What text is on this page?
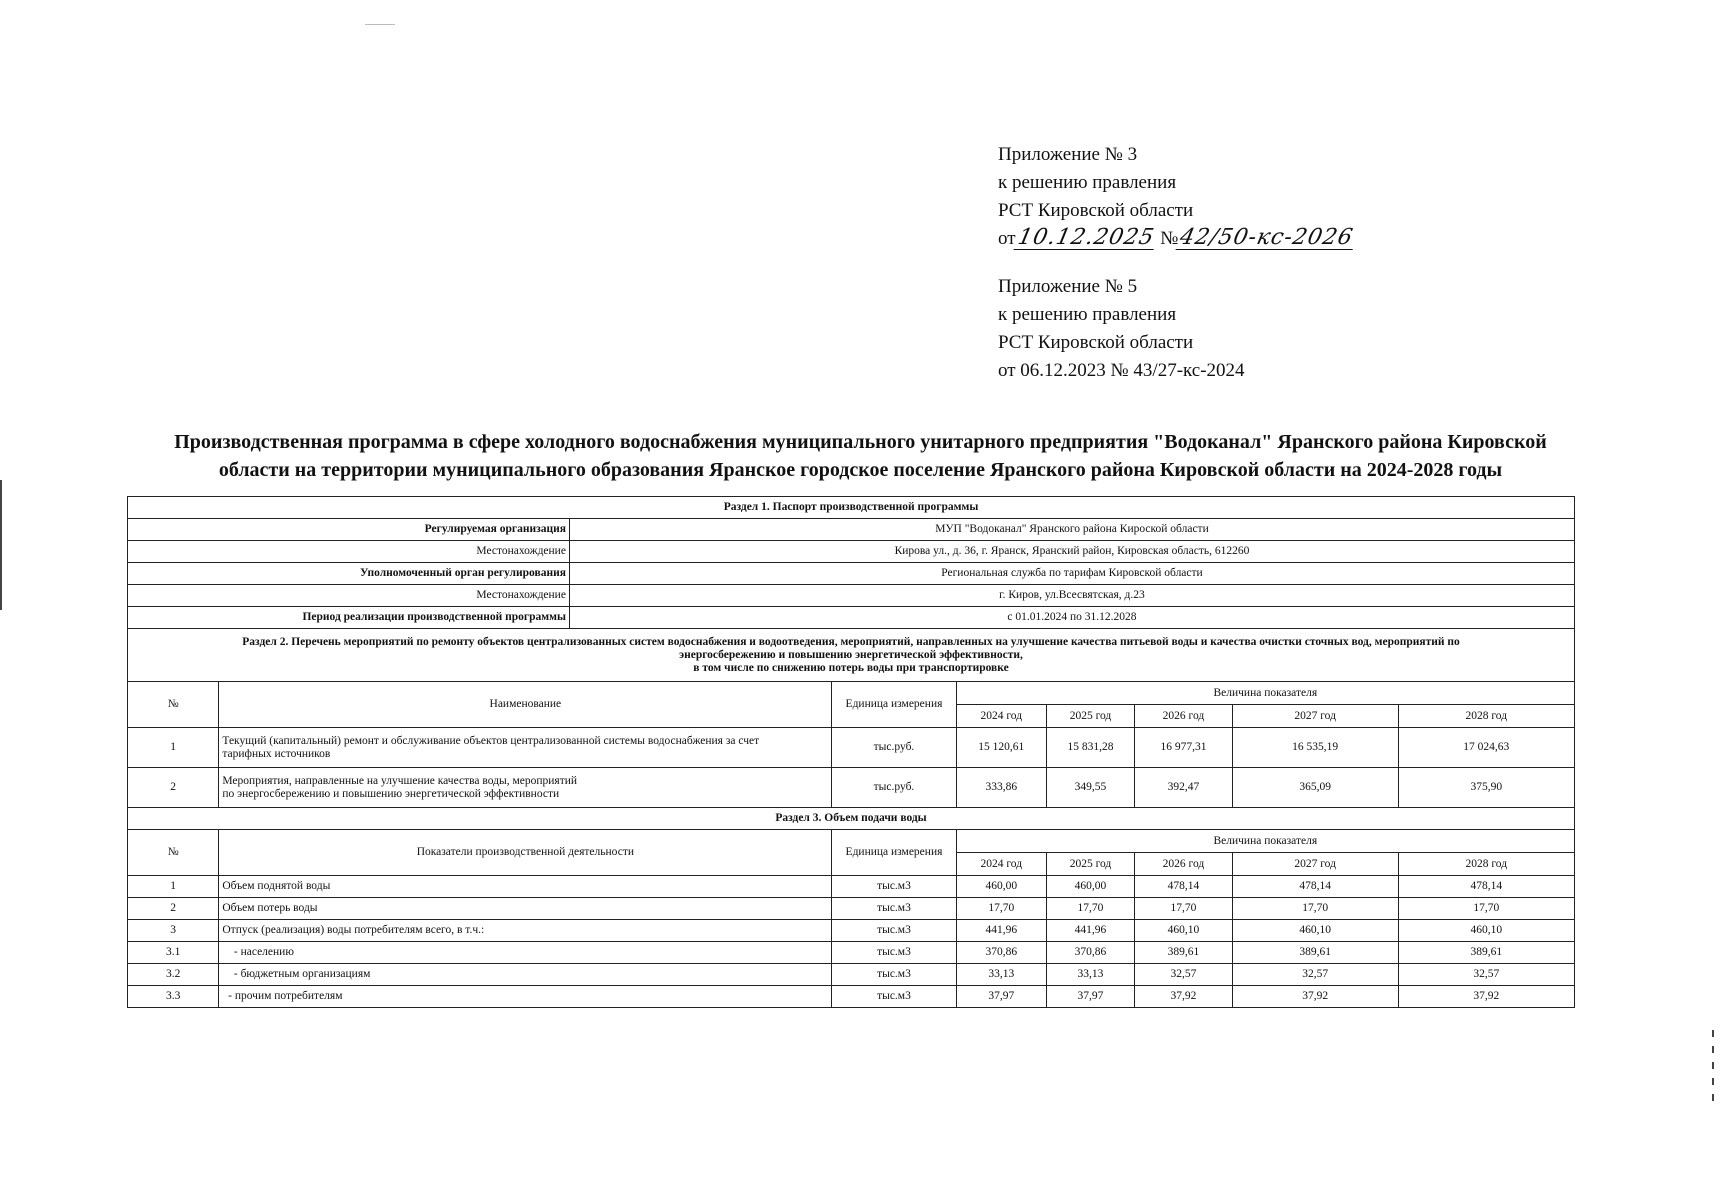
Приложение № 3
к решению правления
РСТ Кировской области
от10.12.2025 №42/50-кс-2026
Приложение № 5
к решению правления
РСТ Кировской области
от 06.12.2023 № 43/27-кс-2024
Производственная программа в сфере холодного водоснабжения муниципального унитарного предприятия "Водоканал" Яранского района Кировской
области на территории муниципального образования Яранское городское поселение Яранского района Кировской области на 2024-2028 годы
Раздел 1. Паспорт производственной программы								
Регулируемая организация		МУП "Водоканал" Яранского района Кироской области						
Местонахождение		Кирова ул., д. 36, г. Яранск, Яранский район, Кировская область, 612260						
Уполномоченный орган регулирования		Региональная служба по тарифам Кировской области						
Местонахождение		г. Киров, ул.Всесвятская, д.23						
Период реализации производственной программы		с 01.01.2024 по 31.12.2028						

Раздел 2. Перечень мероприятий по ремонту объектов централизованных систем водоснабжения и водоотведения, мероприятий, направленных на улучшение качества питьевой воды и качества очистки сточных вод, мероприятий по
энергосбережению и повышению энергетической эффективности,
в том числе по снижению потерь воды при транспортировке								

№	Наименование		Единица измерения	Величина показателя				
				2024 год	2025 год	2026 год	2027 год	2028 год
1	Текущий (капитальный) ремонт и обслуживание объектов централизованной системы водоснабжения за счет
тарифных источников		тыс.руб.	15 120,61	15 831,28	16 977,31	16 535,19	17 024,63
2	Мероприятия, направленные на улучшение качества воды, мероприятий
по энергосбережению и повышению энергетической эффективности		тыс.руб.	333,86	349,55	392,47	365,09	375,90
Раздел 3. Объем подачи воды								
№	Показатели производственной деятельности		Единица измерения	Величина показателя				
				2024 год	2025 год	2026 год	2027 год	2028 год
1	Объем поднятой воды		тыс.м3	460,00	460,00	478,14	478,14	478,14
2	Объем потерь воды		тыс.м3	17,70	17,70	17,70	17,70	17,70
3	Отпуск (реализация) воды потребителям всего, в т.ч.:		тыс.м3	441,96	441,96	460,10	460,10	460,10
3.1	- населению		тыс.м3	370,86	370,86	389,61	389,61	389,61
3.2	- бюджетным организациям		тыс.м3	33,13	33,13	32,57	32,57	32,57
3.3	- прочим потребителям		тыс.м3	37,97	37,97	37,92	37,92	37,92
